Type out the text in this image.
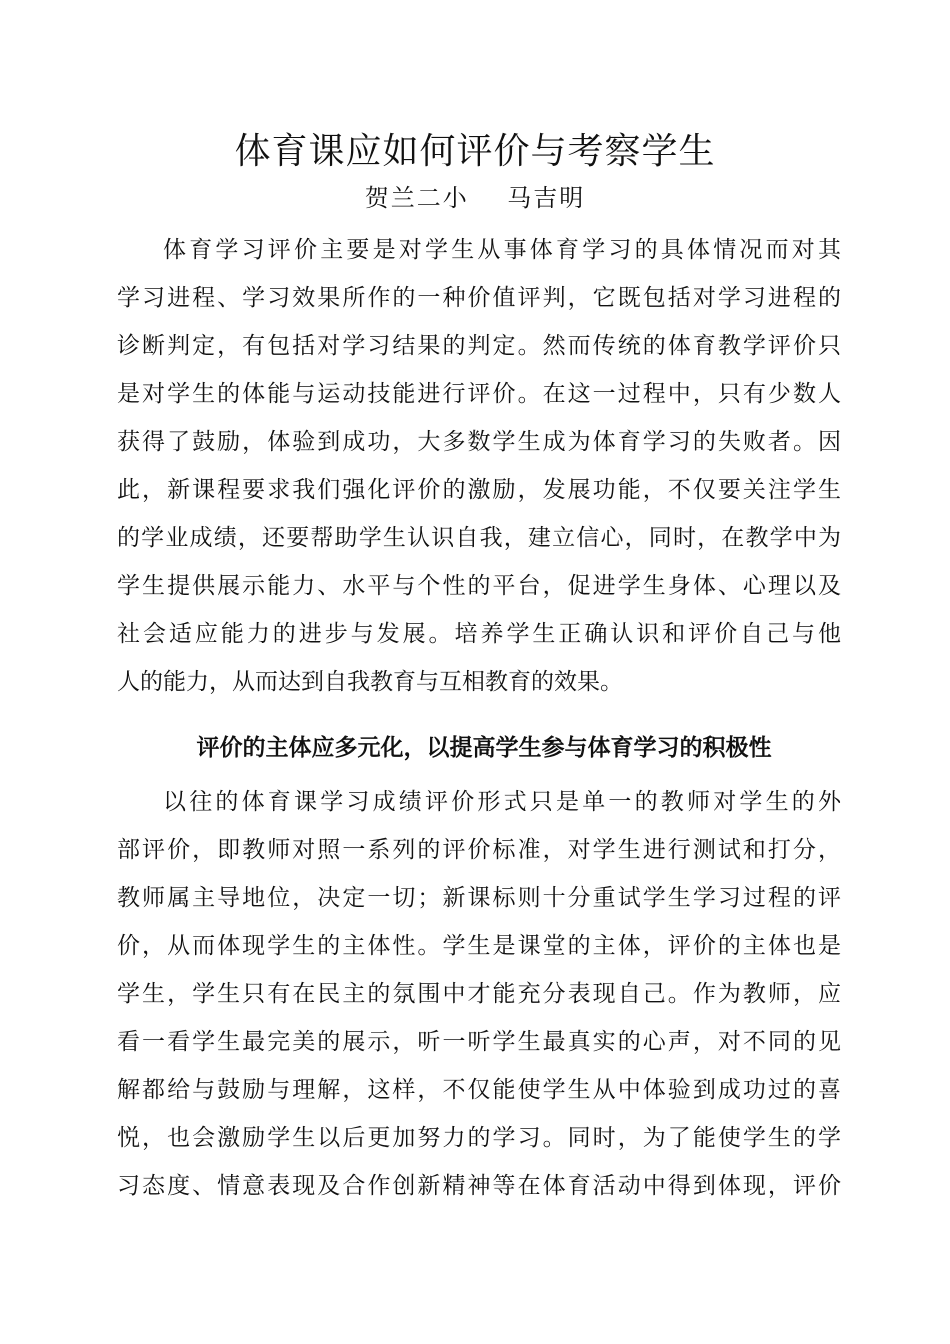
体育课应如何评价与考察学生
贺兰二小    马吉明
体育学习评价主要是对学生从事体育学习的具体情况而对其
学习进程、学习效果所作的一种价值评判，它既包括对学习进程的
诊断判定，有包括对学习结果的判定。然而传统的体育教学评价只
是对学生的体能与运动技能进行评价。在这一过程中，只有少数人
获得了鼓励，体验到成功，大多数学生成为体育学习的失败者。因
此，新课程要求我们强化评价的激励，发展功能，不仅要关注学生
的学业成绩，还要帮助学生认识自我，建立信心，同时，在教学中为
学生提供展示能力、水平与个性的平台，促进学生身体、心理以及
社会适应能力的进步与发展。培养学生正确认识和评价自己与他
人的能力，从而达到自我教育与互相教育的效果。
评价的主体应多元化，以提高学生参与体育学习的积极性
以往的体育课学习成绩评价形式只是单一的教师对学生的外
部评价，即教师对照一系列的评价标准，对学生进行测试和打分，
教师属主导地位，决定一切；新课标则十分重试学生学习过程的评
价，从而体现学生的主体性。学生是课堂的主体，评价的主体也是
学生，学生只有在民主的氛围中才能充分表现自己。作为教师，应
看一看学生最完美的展示，听一听学生最真实的心声，对不同的见
解都给与鼓励与理解，这样，不仅能使学生从中体验到成功过的喜
悦，也会激励学生以后更加努力的学习。同时，为了能使学生的学
习态度、情意表现及合作创新精神等在体育活动中得到体现，评价
